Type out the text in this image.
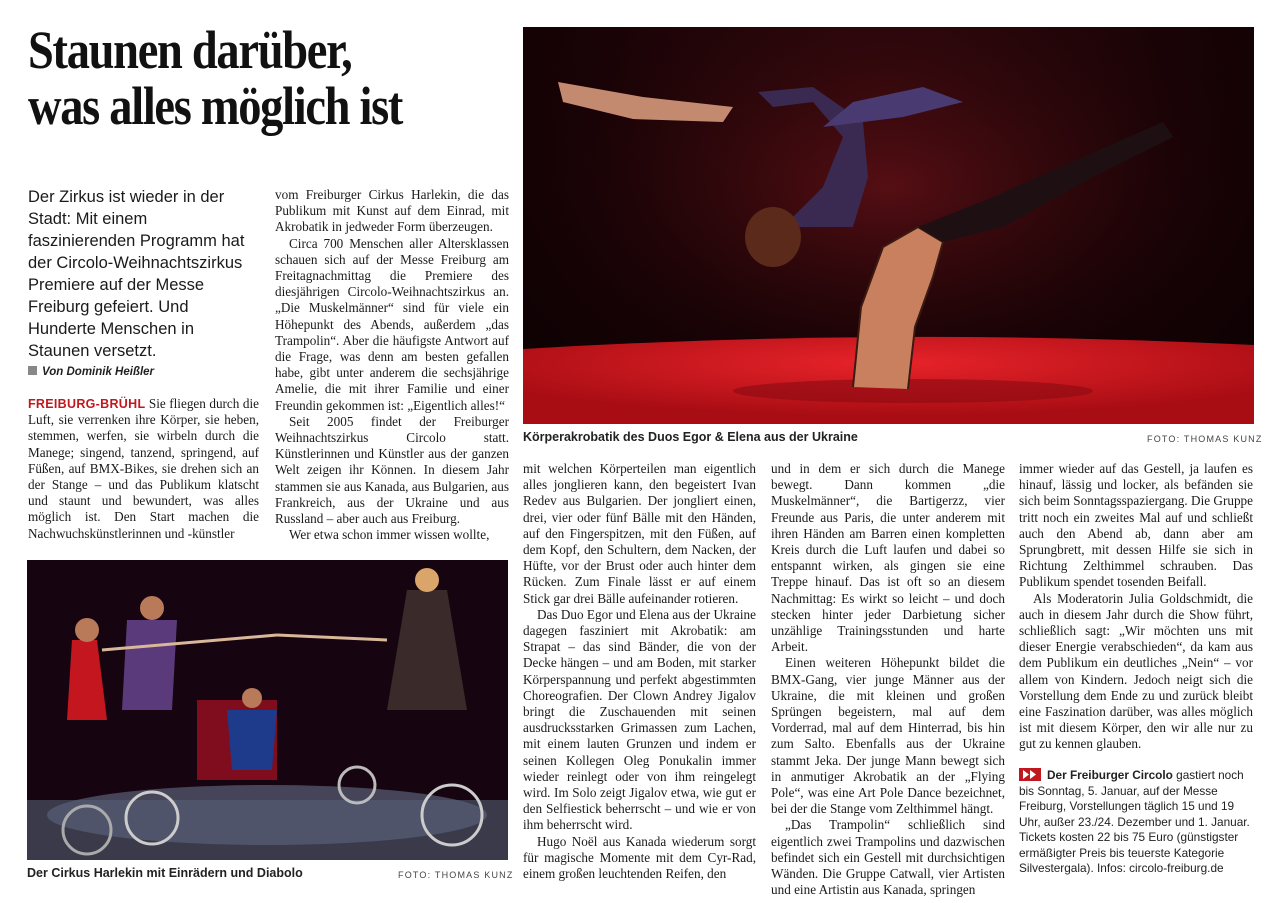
Staunen darüber,
was alles möglich ist
Der Zirkus ist wieder in der Stadt: Mit einem faszinierenden Programm hat der Circolo-Weihnachtszirkus Premiere auf der Messe Freiburg gefeiert. Und Hunderte Menschen in Staunen versetzt.
Von Dominik Heißler

FREIBURG-BRÜHL Sie fliegen durch die Luft, sie verrenken ihre Körper, sie heben, stemmen, werfen, sie wirbeln durch die Manege; singend, tanzend, springend, auf Füßen, auf BMX-Bikes, sie drehen sich an der Stange – und das Publikum klatscht und staunt und bewundert, was alles möglich ist. Den Start machen die Nachwuchskünstlerinnen und -künstler

vom Freiburger Cirkus Harlekin, die das Publikum mit Kunst auf dem Einrad, mit Akrobatik in jedweder Form überzeugen.

Circa 700 Menschen aller Altersklassen schauen sich auf der Messe Freiburg am Freitagnachmittag die Premiere des diesjährigen Circolo-Weihnachtszirkus an. „Die Muskelmänner“ sind für viele ein Höhepunkt des Abends, außerdem „das Trampolin“. Aber die häufigste Antwort auf die Frage, was denn am besten gefallen habe, gibt unter anderem die sechsjährige Amelie, die mit ihrer Familie und einer Freundin gekommen ist: „Eigentlich alles!“

Seit 2005 findet der Freiburger Weihnachtszirkus Circolo statt. Künstlerinnen und Künstler aus der ganzen Welt zeigen ihr Können. In diesem Jahr stammen sie aus Kanada, aus Bulgarien, aus Frankreich, aus der Ukraine und aus Russland – aber auch aus Freiburg.

Wer etwa schon immer wissen wollte,

Körperakrobatik des Duos Egor & Elena aus der Ukraine	FOTO: THOMAS KUNZ
Der Cirkus Harlekin mit Einrädern und Diabolo	FOTO: THOMAS KUNZ

mit welchen Körperteilen man eigentlich alles jonglieren kann, den begeistert Ivan Redev aus Bulgarien. Der jongliert einen, drei, vier oder fünf Bälle mit den Händen, auf den Fingerspitzen, mit den Füßen, auf dem Kopf, den Schultern, dem Nacken, der Hüfte, vor der Brust oder auch hinter dem Rücken. Zum Finale lässt er auf einem Stick gar drei Bälle aufeinander rotieren.

Das Duo Egor und Elena aus der Ukraine dagegen fasziniert mit Akrobatik: am Strapat – das sind Bänder, die von der Decke hängen – und am Boden, mit starker Körperspannung und perfekt abgestimmten Choreografien. Der Clown Andrey Jigalov bringt die Zuschauenden mit seinen ausdrucksstarken Grimassen zum Lachen, mit einem lauten Grunzen und indem er seinen Kollegen Oleg Ponukalin immer wieder reinlegt oder von ihm reingelegt wird. Im Solo zeigt Jigalov etwa, wie gut er den Selfiestick beherrscht – und wie er von ihm beherrscht wird.

Hugo Noël aus Kanada wiederum sorgt für magische Momente mit dem Cyr-Rad, einem großen leuchtenden Reifen, den

und in dem er sich durch die Manege bewegt. Dann kommen „die Muskelmänner“, die Bartigerzz, vier Freunde aus Paris, die unter anderem mit ihren Händen am Barren einen kompletten Kreis durch die Luft laufen und dabei so entspannt wirken, als gingen sie eine Treppe hinauf. Das ist oft so an diesem Nachmittag: Es wirkt so leicht – und doch stecken hinter jeder Darbietung sicher unzählige Trainingsstunden und harte Arbeit.

Einen weiteren Höhepunkt bildet die BMX-Gang, vier junge Männer aus der Ukraine, die mit kleinen und großen Sprüngen begeistern, mal auf dem Vorderrad, mal auf dem Hinterrad, bis hin zum Salto. Ebenfalls aus der Ukraine stammt Jeka. Der junge Mann bewegt sich in anmutiger Akrobatik an der „Flying Pole“, was eine Art Pole Dance bezeichnet, bei der die Stange vom Zelthimmel hängt.

„Das Trampolin“ schließlich sind eigentlich zwei Trampolins und dazwischen befindet sich ein Gestell mit durchsichtigen Wänden. Die Gruppe Catwall, vier Artisten und eine Artistin aus Kanada, springen

immer wieder auf das Gestell, ja laufen es hinauf, lässig und locker, als befänden sie sich beim Sonntagsspaziergang. Die Gruppe tritt noch ein zweites Mal auf und schließt auch den Abend ab, dann aber am Sprungbrett, mit dessen Hilfe sie sich in Richtung Zelthimmel schrauben. Das Publikum spendet tosenden Beifall.

Als Moderatorin Julia Goldschmidt, die auch in diesem Jahr durch die Show führt, schließlich sagt: „Wir möchten uns mit dieser Energie verabschieden“, da kam aus dem Publikum ein deutliches „Nein“ – vor allem von Kindern. Jedoch neigt sich die Vorstellung dem Ende zu und zurück bleibt eine Faszination darüber, was alles möglich ist mit diesem Körper, den wir alle nur zu gut zu kennen glauben.

Der Freiburger Circolo gastiert noch bis Sonntag, 5. Januar, auf der Messe Freiburg, Vorstellungen täglich 15 und 19 Uhr, außer 23./24. Dezember und 1. Januar. Tickets kosten 22 bis 75 Euro (günstigster ermäßigter Preis bis teuerste Kategorie Silvestergala). Infos: circolo-freiburg.de
